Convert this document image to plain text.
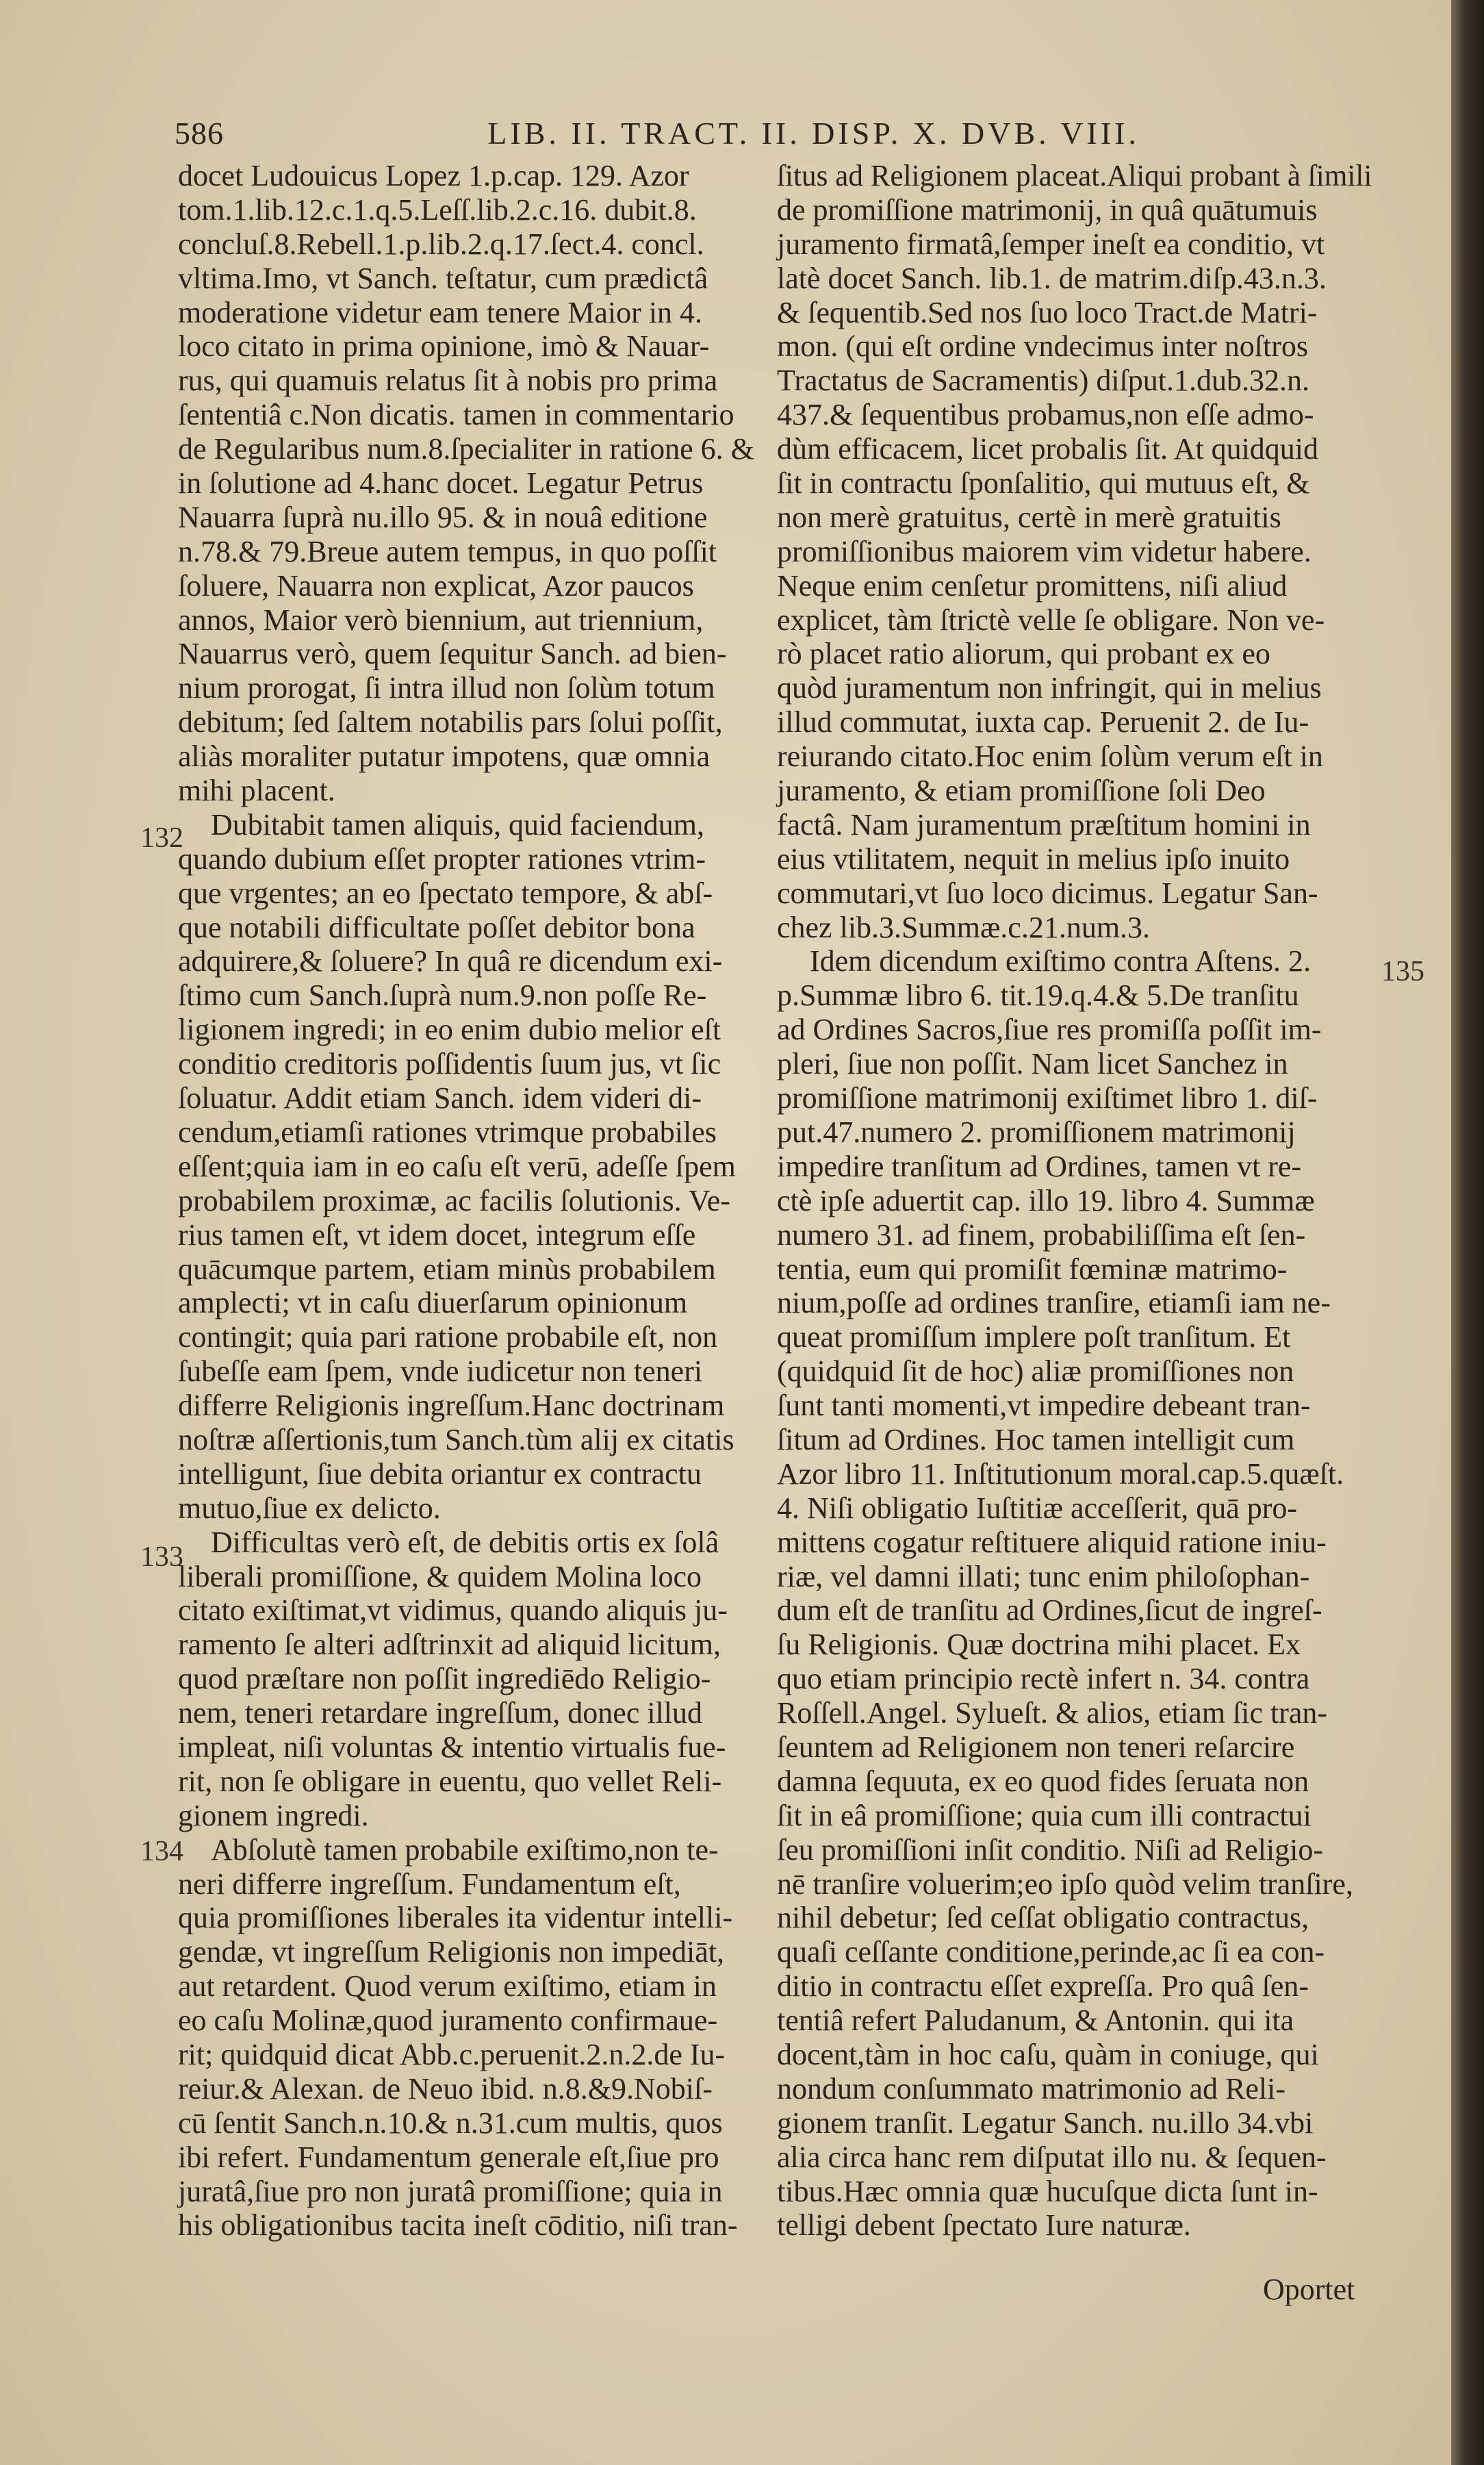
586	LIB. II. TRACT. II. DISP. X. DVB. VIII.
docet Ludouicus Lopez 1.p.cap. 129. Azor
tom.1.lib.12.c.1.q.5.Leſſ.lib.2.c.16. dubit.8.
concluſ.8.Rebell.1.p.lib.2.q.17.ſect.4. concl.
vltima.Imo, vt Sanch. teſtatur, cum prædictâ
moderatione videtur eam tenere Maior in 4.
loco citato in prima opinione, imò & Nauar-
rus, qui quamuis relatus ſit à nobis pro prima
ſententiâ c.Non dicatis. tamen in commentario
de Regularibus num.8.ſpecialiter in ratione 6. &
in ſolutione ad 4.hanc docet. Legatur Petrus
Nauarra ſuprà nu.illo 95. & in nouâ editione
n.78.& 79.Breue autem tempus, in quo poſſit
ſoluere, Nauarra non explicat, Azor paucos
annos, Maior verò biennium, aut triennium,
Nauarrus verò, quem ſequitur Sanch. ad bien-
nium prorogat, ſi intra illud non ſolùm totum
debitum; ſed ſaltem notabilis pars ſolui poſſit,
aliàs moraliter putatur impotens, quæ omnia
mihi placent.
Dubitabit tamen aliquis, quid faciendum,
quando dubium eſſet propter rationes vtrim-
que vrgentes; an eo ſpectato tempore, & abſ-
que notabili difficultate poſſet debitor bona
adquirere,& ſoluere? In quâ re dicendum exi-
ſtimo cum Sanch.ſuprà num.9.non poſſe Re-
ligionem ingredi; in eo enim dubio melior eſt
conditio creditoris poſſidentis ſuum jus, vt ſic
ſoluatur. Addit etiam Sanch. idem videri di-
cendum,etiamſi rationes vtrimque probabiles
eſſent;quia iam in eo caſu eſt verū, adeſſe ſpem
probabilem proximæ, ac facilis ſolutionis. Ve-
rius tamen eſt, vt idem docet, integrum eſſe
quācumque partem, etiam minùs probabilem
amplecti; vt in caſu diuerſarum opinionum
contingit; quia pari ratione probabile eſt, non
ſubeſſe eam ſpem, vnde iudicetur non teneri
differre Religionis ingreſſum.Hanc doctrinam
noſtræ aſſertionis,tum Sanch.tùm alij ex citatis
intelligunt, ſiue debita oriantur ex contractu
mutuo,ſiue ex delicto.
Difficultas verò eſt, de debitis ortis ex ſolâ
liberali promiſſione, & quidem Molina loco
citato exiſtimat,vt vidimus, quando aliquis ju-
ramento ſe alteri adſtrinxit ad aliquid licitum,
quod præſtare non poſſit ingrediēdo Religio-
nem, teneri retardare ingreſſum, donec illud
impleat, niſi voluntas & intentio virtualis fue-
rit, non ſe obligare in euentu, quo vellet Reli-
gionem ingredi.
Abſolutè tamen probabile exiſtimo,non te-
neri differre ingreſſum. Fundamentum eſt,
quia promiſſiones liberales ita videntur intelli-
gendæ, vt ingreſſum Religionis non impediāt,
aut retardent. Quod verum exiſtimo, etiam in
eo caſu Molinæ,quod juramento confirmaue-
rit; quidquid dicat Abb.c.peruenit.2.n.2.de Iu-
reiur.& Alexan. de Neuo ibid. n.8.&9.Nobiſ-
cū ſentit Sanch.n.10.& n.31.cum multis, quos
ibi refert. Fundamentum generale eſt,ſiue pro
juratâ,ſiue pro non juratâ promiſſione; quia in
his obligationibus tacita ineſt cōditio, niſi tran-
ſitus ad Religionem placeat.Aliqui probant à ſimili
de promiſſione matrimonij, in quâ quātumuis
juramento firmatâ,ſemper ineſt ea conditio, vt
latè docet Sanch. lib.1. de matrim.diſp.43.n.3.
& ſequentib.Sed nos ſuo loco Tract.de Matri-
mon. (qui eſt ordine vndecimus inter noſtros
Tractatus de Sacramentis) diſput.1.dub.32.n.
437.& ſequentibus probamus,non eſſe admo-
dùm efficacem, licet probalis ſit. At quidquid
ſit in contractu ſponſalitio, qui mutuus eſt, &
non merè gratuitus, certè in merè gratuitis
promiſſionibus maiorem vim videtur habere.
Neque enim cenſetur promittens, niſi aliud
explicet, tàm ſtrictè velle ſe obligare. Non ve-
rò placet ratio aliorum, qui probant ex eo
quòd juramentum non infringit, qui in melius
illud commutat, iuxta cap. Peruenit 2. de Iu-
reiurando citato.Hoc enim ſolùm verum eſt in
juramento, & etiam promiſſione ſoli Deo
factâ. Nam juramentum præſtitum homini in
eius vtilitatem, nequit in melius ipſo inuito
commutari,vt ſuo loco dicimus. Legatur San-
chez lib.3.Summæ.c.21.num.3.
Idem dicendum exiſtimo contra Aſtens. 2.
p.Summæ libro 6. tit.19.q.4.& 5.De tranſitu
ad Ordines Sacros,ſiue res promiſſa poſſit im-
pleri, ſiue non poſſit. Nam licet Sanchez in
promiſſione matrimonij exiſtimet libro 1. diſ-
put.47.numero 2. promiſſionem matrimonij
impedire tranſitum ad Ordines, tamen vt re-
ctè ipſe aduertit cap. illo 19. libro 4. Summæ
numero 31. ad finem, probabiliſſima eſt ſen-
tentia, eum qui promiſit fœminæ matrimo-
nium,poſſe ad ordines tranſire, etiamſi iam ne-
queat promiſſum implere poſt tranſitum. Et
(quidquid ſit de hoc) aliæ promiſſiones non
ſunt tanti momenti,vt impedire debeant tran-
ſitum ad Ordines. Hoc tamen intelligit cum
Azor libro 11. Inſtitutionum moral.cap.5.quæſt.
4. Niſi obligatio Iuſtitiæ acceſſerit, quā pro-
mittens cogatur reſtituere aliquid ratione iniu-
riæ, vel damni illati; tunc enim philoſophan-
dum eſt de tranſitu ad Ordines,ſicut de ingreſ-
ſu Religionis. Quæ doctrina mihi placet. Ex
quo etiam principio rectè infert n. 34. contra
Roſſell.Angel. Sylueſt. & alios, etiam ſic tran-
ſeuntem ad Religionem non teneri reſarcire
damna ſequuta, ex eo quod fides ſeruata non
ſit in eâ promiſſione; quia cum illi contractui
ſeu promiſſioni inſit conditio. Niſi ad Religio-
nē tranſire voluerim;eo ipſo quòd velim tranſire,
nihil debetur; ſed ceſſat obligatio contractus,
quaſi ceſſante conditione,perinde,ac ſi ea con-
ditio in contractu eſſet expreſſa. Pro quâ ſen-
tentiâ refert Paludanum, & Antonin. qui ita
docent,tàm in hoc caſu, quàm in coniuge, qui
nondum conſummato matrimonio ad Reli-
gionem tranſit. Legatur Sanch. nu.illo 34.vbi
alia circa hanc rem diſputat illo nu. & ſequen-
tibus.Hæc omnia quæ hucuſque dicta ſunt in-
telligi debent ſpectato Iure naturæ.
132
133
134
135
Oportet
